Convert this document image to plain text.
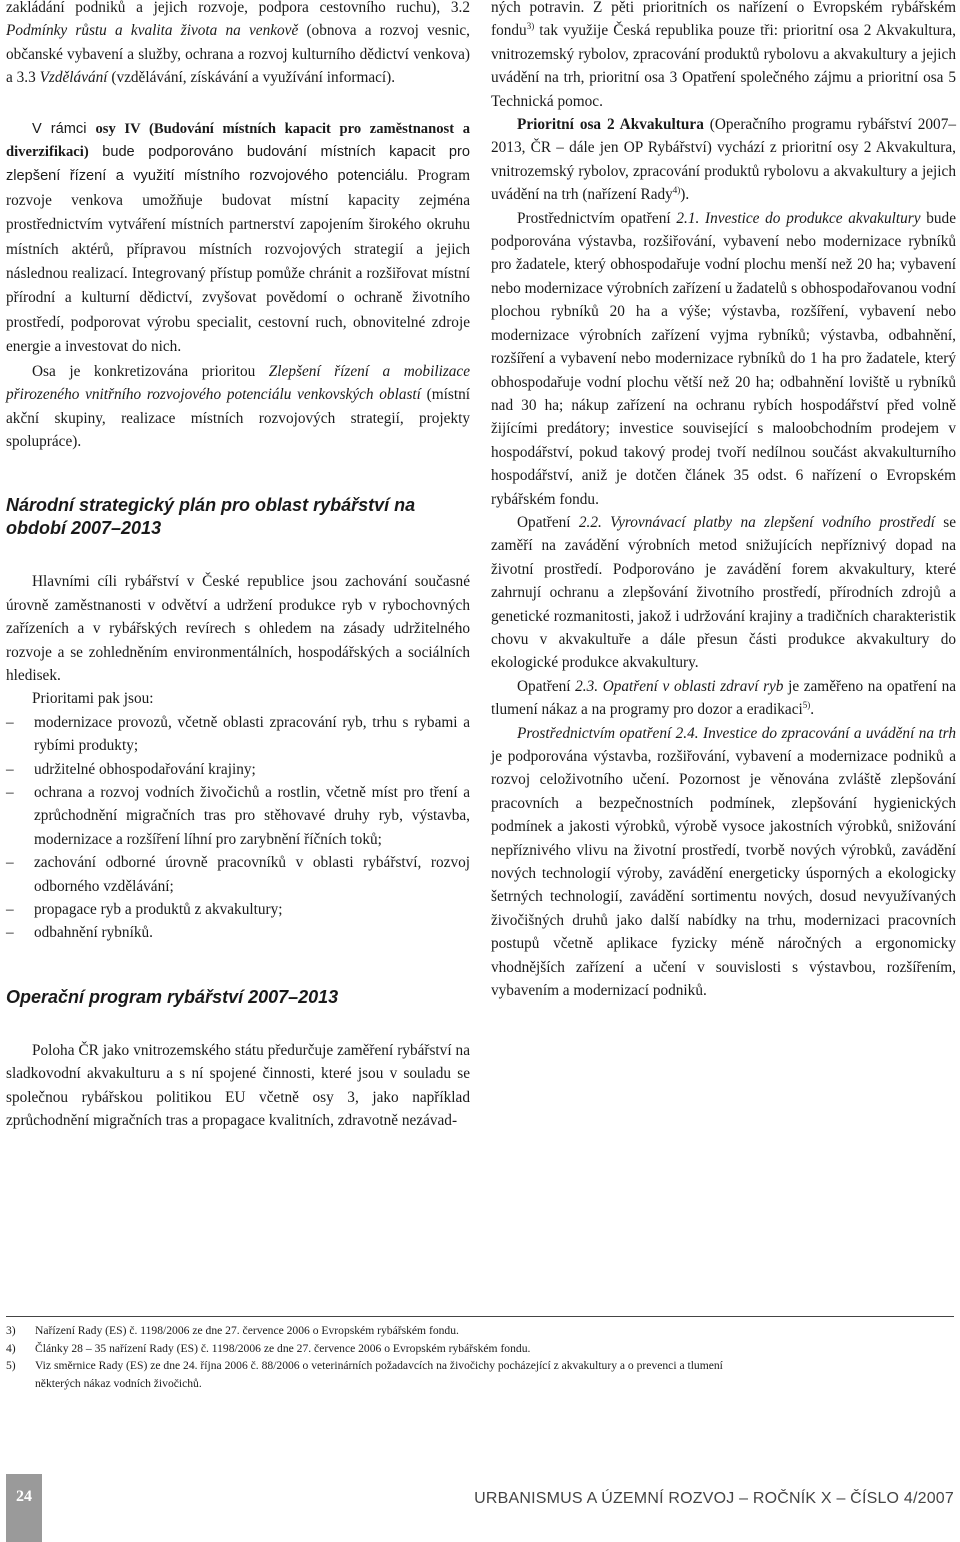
zakládání podniků a jejich rozvoje, podpora cestovního ruchu), 3.2 Podmínky růstu a kvalita života na venkově (obnova a rozvoj vesnic, občanské vybavení a služby, ochrana a rozvoj kulturního dědictví venkova) a 3.3 Vzdělávání (vzdělávání, získávání a využívání informací).

V rámci osy IV (Budování místních kapacit pro zaměstnanost a diverzifikaci) bude podporováno budování místních kapacit pro zlepšení řízení a využití místního rozvojového potenciálu. Program rozvoje venkova umožňuje budovat místní kapacity zejména prostřednictvím vytváření místních partnerství zapojením širokého okruhu místních aktérů, přípravou místních rozvojových strategií a jejich následnou realizací. Integrovaný přístup pomůže chránit a rozšiřovat místní přírodní a kulturní dědictví, zvyšovat povědomí o ochraně životního prostředí, podporovat výrobu specialit, cestovní ruch, obnovitelné zdroje energie a investovat do nich.

Osa je konkretizována prioritou Zlepšení řízení a mobilizace přirozeného vnitřního rozvojového potenciálu venkovských oblastí (místní akční skupiny, realizace místních rozvojových strategií, projekty spolupráce).

Národní strategický plán pro oblast rybářství na období 2007–2013

Hlavními cíli rybářství v České republice jsou zachování současné úrovně zaměstnanosti v odvětví a udržení produkce ryb v rybochovných zařízeních a v rybářských revírech s ohledem na zásady udržitelného rozvoje a se zohledněním environmentálních, hospodářských a sociálních hledisek.

Prioritami pak jsou:

– modernizace provozů, včetně oblasti zpracování ryb, trhu s rybami a rybími produkty;

– udržitelné obhospodařování krajiny;

– ochrana a rozvoj vodních živočichů a rostlin, včetně míst pro tření a zprůchodnění migračních tras pro stěhovavé druhy ryb, výstavba, modernizace a rozšíření líhní pro zarybnění říčních toků;

– zachování odborné úrovně pracovníků v oblasti rybářství, rozvoj odborného vzdělávání;

– propagace ryb a produktů z akvakultury;

– odbahnění rybníků.

Operační program rybářství 2007–2013

Poloha ČR jako vnitrozemského státu předurčuje zaměření rybářství na sladkovodní akvakulturu a s ní spojené činnosti, které jsou v souladu se společnou rybářskou politikou EU včetně osy 3, jako například zprůchodnění migračních tras a propagace kvalitních, zdravotně nezávad-

ných potravin. Z pěti prioritních os nařízení o Evropském rybářském fondu$^{3)}$ tak využije Česká republika pouze tři: prioritní osa 2 Akvakultura, vnitrozemský rybolov, zpracování produktů rybolovu a akvakultury a jejich uvádění na trh, prioritní osa 3 Opatření společného zájmu a prioritní osa 5 Technická pomoc.

Prioritní osa 2 Akvakultura (Operačního programu rybářství 2007–2013, ČR – dále jen OP Rybářství) vychází z prioritní osy 2 Akvakultura, vnitrozemský rybolov, zpracování produktů rybolovu a akvakultury a jejich uvádění na trh (nařízení Rady$^{4)}$).

Prostřednictvím opatření 2.1. Investice do produkce akvakultury bude podporována výstavba, rozšiřování, vybavení nebo modernizace rybníků pro žadatele, který obhospodařuje vodní plochu menší než 20 ha; vybavení nebo modernizace výrobních zařízení u žadatelů s obhospodařovanou vodní plochou rybníků 20 ha a výše; výstavba, rozšíření, vybavení nebo modernizace výrobních zařízení vyjma rybníků; výstavba, odbahnění, rozšíření a vybavení nebo modernizace rybníků do 1 ha pro žadatele, který obhospodařuje vodní plochu větší než 20 ha; odbahnění loviště u rybníků nad 30 ha; nákup zařízení na ochranu rybích hospodářství před volně žijícími predátory; investice související s maloobchodním prodejem v hospodářství, pokud takový prodej tvoří nedílnou součást akvakulturního hospodářství, aniž je dotčen článek 35 odst. 6 nařízení o Evropském rybářském fondu.

Opatření 2.2. Vyrovnávací platby na zlepšení vodního prostředí se zaměří na zavádění výrobních metod snižujících nepříznivý dopad na životní prostředí. Podporováno je zavádění forem akvakultury, které zahrnují ochranu a zlepšování životního prostředí, přírodních zdrojů a genetické rozmanitosti, jakož i udržování krajiny a tradičních charakteristik chovu v akvakultuře a dále přesun části produkce akvakultury do ekologické produkce akvakultury.

Opatření 2.3. Opatření v oblasti zdraví ryb je zaměřeno na opatření na tlumení nákaz a na programy pro dozor a eradikaci$^{5)}$.

Prostřednictvím opatření 2.4. Investice do zpracování a uvádění na trh je podporována výstavba, rozšiřování, vybavení a modernizace podniků a rozvoj celoživotního učení. Pozornost je věnována zvláště zlepšování pracovních a bezpečnostních podmínek, zlepšování hygienických podmínek a jakosti výrobků, výrobě vysoce jakostních výrobků, snižování nepříznivého vlivu na životní prostředí, tvorbě nových výrobků, zavádění nových technologií výroby, zavádění energeticky úsporných a ekologicky šetrných technologií, zavádění sortimentu nových, dosud nevyužívaných živočišných druhů jako další nabídky na trhu, modernizaci pracovních postupů včetně aplikace fyzicky méně náročných a ergonomicky vhodnějších zařízení a učení v souvislosti s výstavbou, rozšířením, vybavením a modernizací podniků.

3) Nařízení Rady (ES) č. 1198/2006 ze dne 27. července 2006 o Evropském rybářském fondu.
4) Články 28 – 35 nařízení Rady (ES) č. 1198/2006 ze dne 27. července 2006 o Evropském rybářském fondu.
5) Viz směrnice Rady (ES) ze dne 24. října 2006 č. 88/2006 o veterinárních požadavcích na živočichy pocházející z akvakultury a o prevenci a tlumení
některých nákaz vodních živočichů.
24	URBANISMUS A ÚZEMNÍ ROZVOJ – ROČNÍK X – ČÍSLO 4/2007
